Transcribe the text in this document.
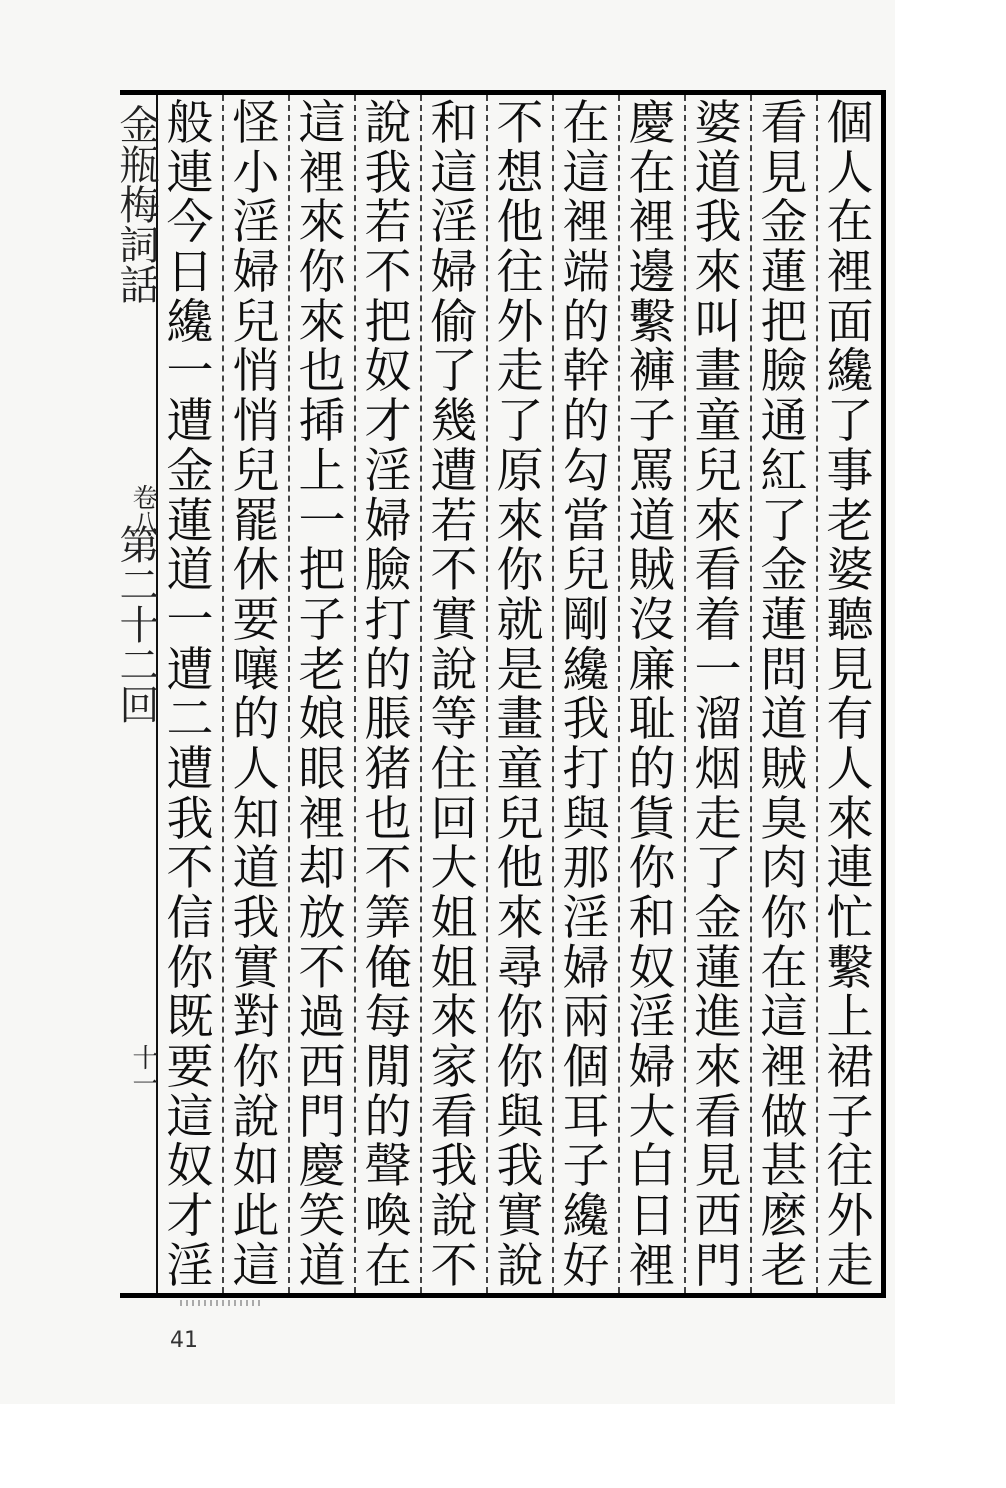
金瓶梅詞話
卷八
第二十二回
十一
個
人
在
裡
面
纔
了
事
老
婆
聽
見
有
人
來
連
忙
繫
上
裙
子
往
外
走
看
見
金
蓮
把
臉
通
紅
了
金
蓮
問
道
賊
臭
肉
你
在
這
裡
做
甚
麽
老
婆
道
我
來
叫
畫
童
兒
來
看
着
一
溜
烟
走
了
金
蓮
進
來
看
見
西
門
慶
在
裡
邊
繫
褲
子
罵
道
賊
沒
廉
耻
的
貨
你
和
奴
淫
婦
大
白
日
裡
在
這
裡
端
的
幹
的
勾
當
兒
剛
纔
我
打
與
那
淫
婦
兩
個
耳
子
纔
好
不
想
他
往
外
走
了
原
來
你
就
是
畫
童
兒
他
來
尋
你
你
與
我
實
說
和
這
淫
婦
偷
了
幾
遭
若
不
實
說
等
住
回
大
姐
姐
來
家
看
我
說
不
說
我
若
不
把
奴
才
淫
婦
臉
打
的
脹
猪
也
不
筭
俺
每
閒
的
聲
喚
在
這
裡
來
你
來
也
揷
上
一
把
子
老
娘
眼
裡
却
放
不
過
西
門
慶
笑
道
怪
小
淫
婦
兒
悄
悄
兒
罷
休
要
嚷
的
人
知
道
我
實
對
你
說
如
此
這
般
連
今
日
纔
一
遭
金
蓮
道
一
遭
二
遭
我
不
信
你
既
要
這
奴
才
淫
41
